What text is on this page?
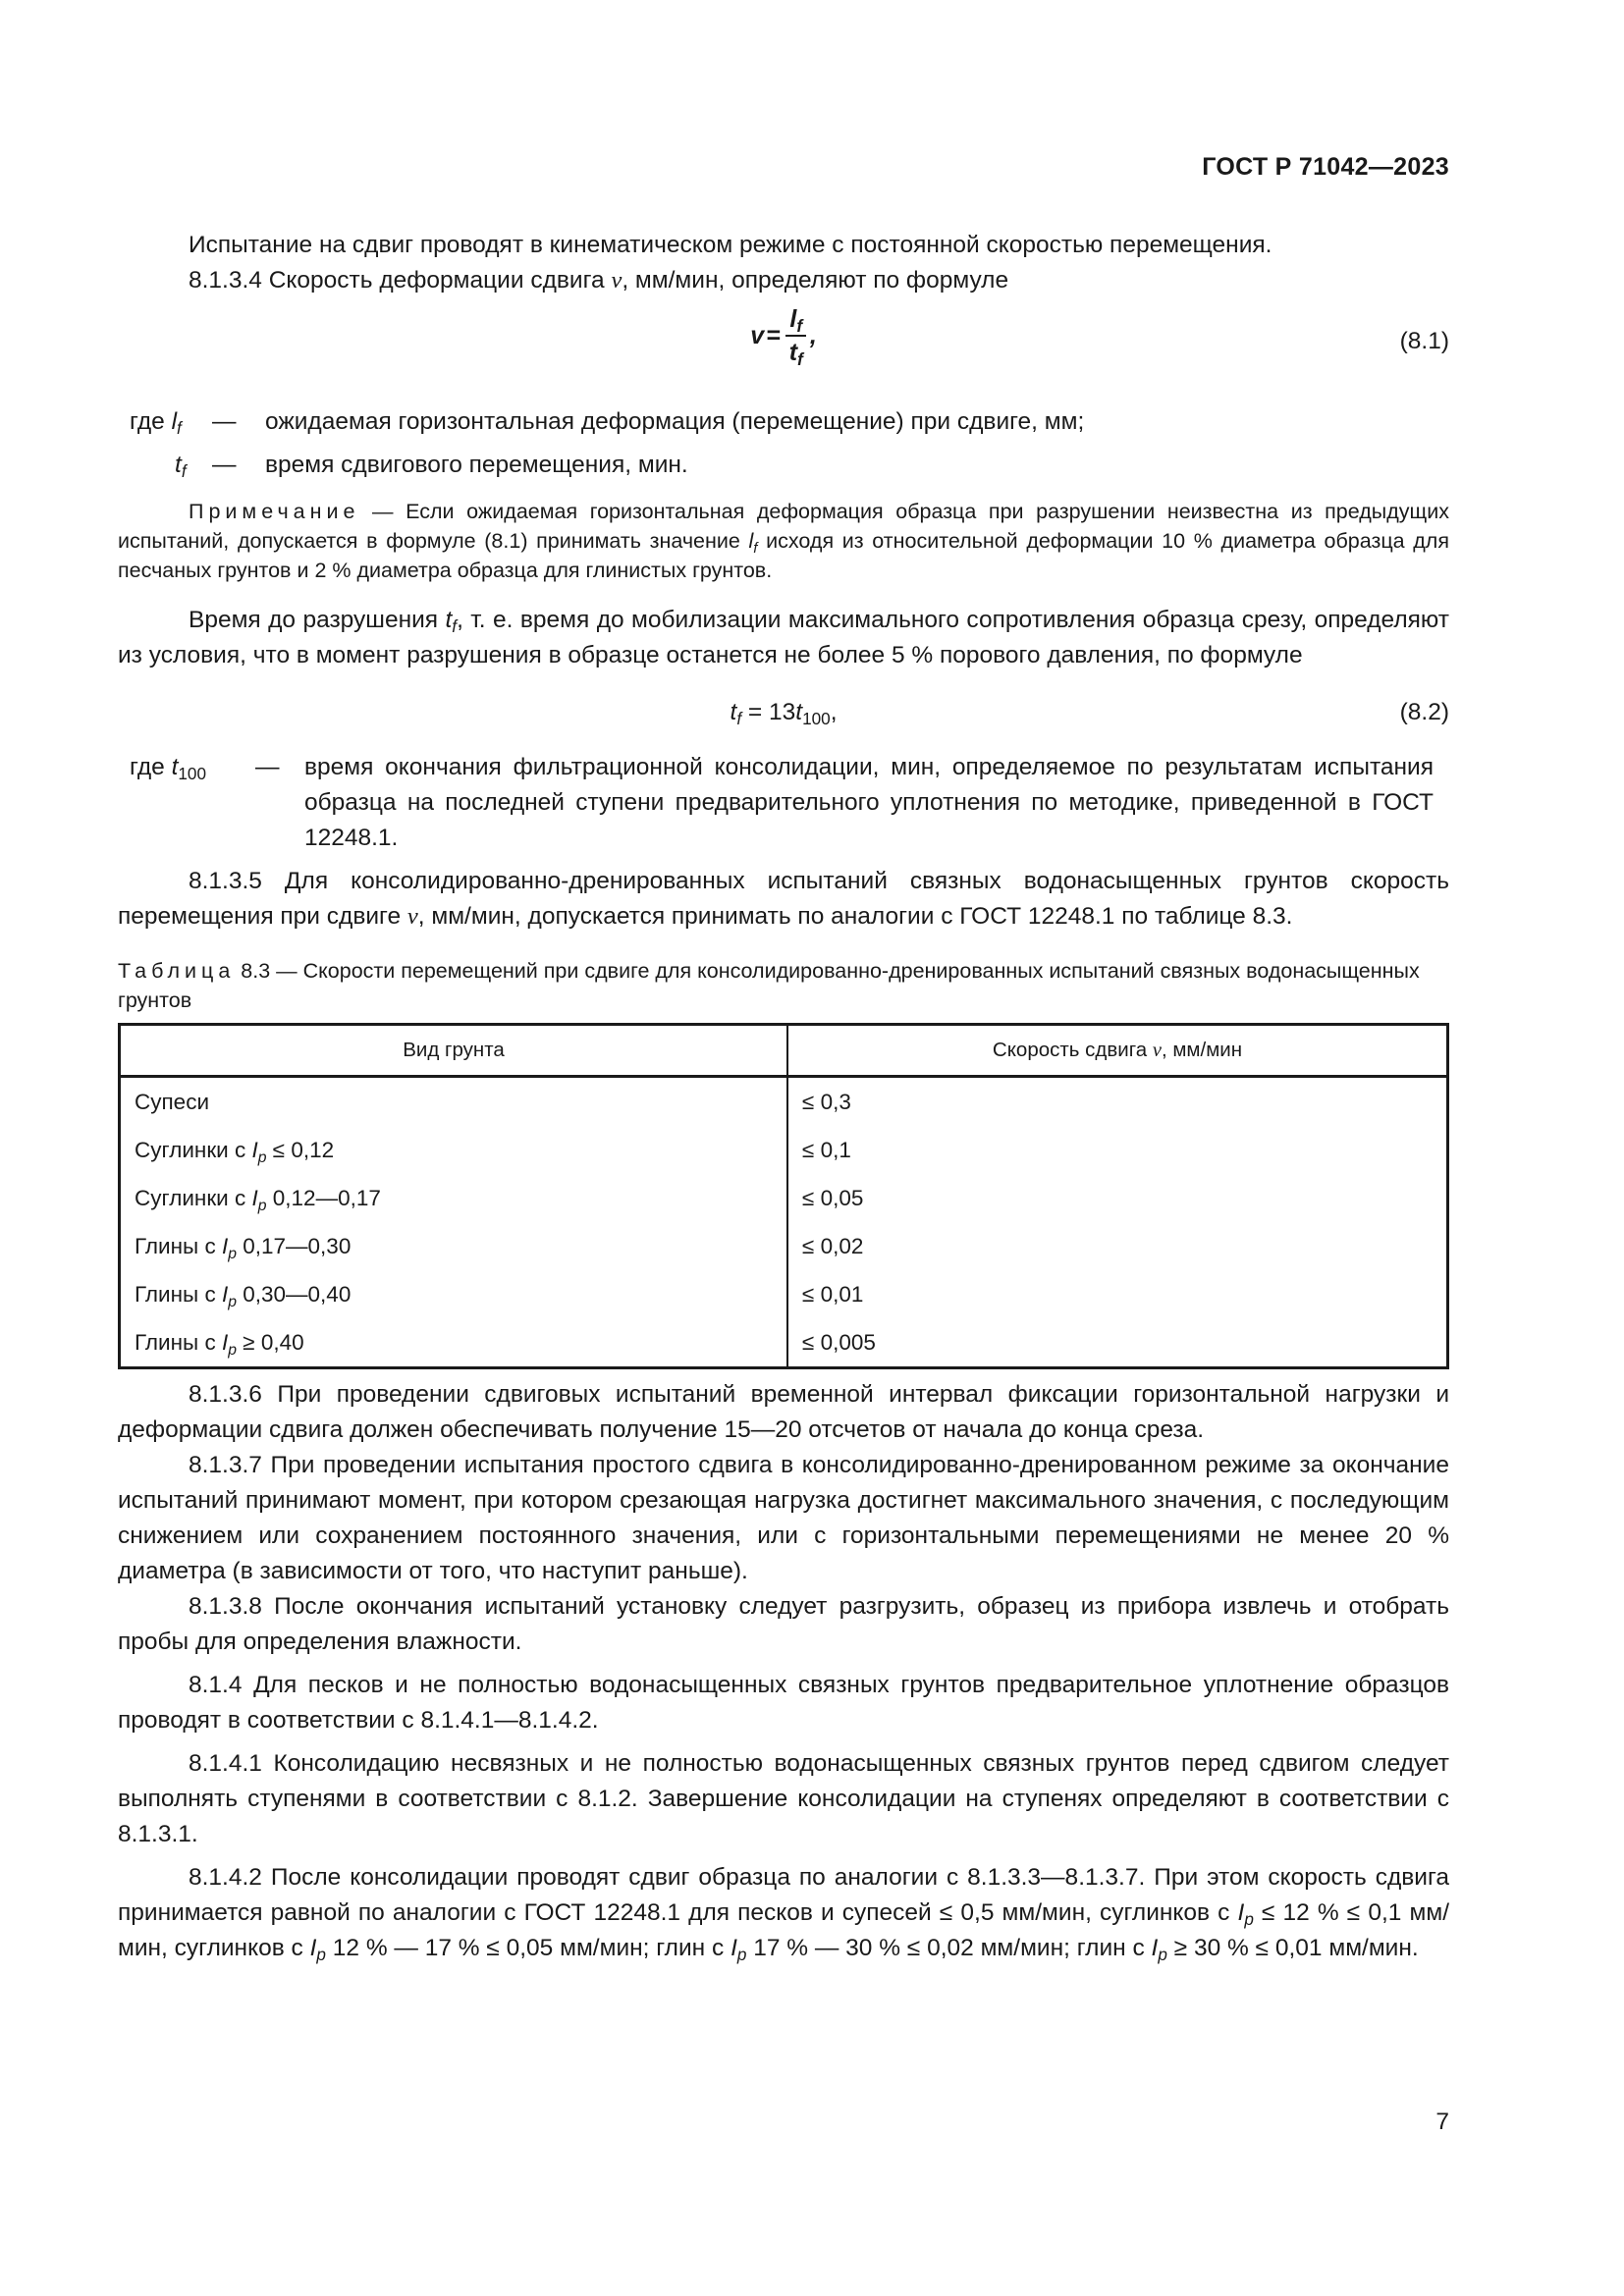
ГОСТ Р 71042—2023

Испытание на сдвиг проводят в кинематическом режиме с постоянной скоростью перемещения.

8.1.3.4 Скорость деформации сдвига v, мм/мин, определяют по формуле

$v = \frac{l_f}{t_f}$ ,	(8.1)
где $l_f$ — ожидаемая горизонтальная деформация (перемещение) при сдвиге, мм;
$t_f$ — время сдвигового перемещения, мин.

Примечание — Если ожидаемая горизонтальная деформация образца при разрушении неизвестна из предыдущих испытаний, допускается в формуле (8.1) принимать значение $l_f$ исходя из относительной деформации 10 % диаметра образца для песчаных грунтов и 2 % диаметра образца для глинистых грунтов.

Время до разрушения $t_f$, т. е. время до мобилизации максимального сопротивления образца срезу, определяют из условия, что в момент разрушения в образце останется не более 5 % порового давления, по формуле

$t_f = 13t_{100}$,	(8.2)
где $t_{100}$ — время окончания фильтрационной консолидации, мин, определяемое по результатам испытания образца на последней ступени предварительного уплотнения по методике, приведенной в ГОСТ 12248.1.

8.1.3.5 Для консолидированно-дренированных испытаний связных водонасыщенных грунтов скорость перемещения при сдвиге v, мм/мин, допускается принимать по аналогии с ГОСТ 12248.1 по таблице 8.3.

Таблица 8.3 — Скорости перемещений при сдвиге для консолидированно-дренированных испытаний связных водонасыщенных грунтов
Вид грунта	Скорость сдвига v, мм/мин
Супеси	≤ 0,3
Суглинки с $I_p \le 0,12$	≤ 0,1
Суглинки с $I_p$ 0,12—0,17	≤ 0,05
Глины с $I_p$ 0,17—0,30	≤ 0,02
Глины с $I_p$ 0,30—0,40	≤ 0,01
Глины с $I_p \ge 0,40$	≤ 0,005

8.1.3.6 При проведении сдвиговых испытаний временной интервал фиксации горизонтальной нагрузки и деформации сдвига должен обеспечивать получение 15—20 отсчетов от начала до конца среза.

8.1.3.7 При проведении испытания простого сдвига в консолидированно-дренированном режиме за окончание испытаний принимают момент, при котором срезающая нагрузка достигнет максимального значения, с последующим снижением или сохранением постоянного значения, или с горизонтальными перемещениями не менее 20 % диаметра (в зависимости от того, что наступит раньше).

8.1.3.8 После окончания испытаний установку следует разгрузить, образец из прибора извлечь и отобрать пробы для определения влажности.

8.1.4 Для песков и не полностью водонасыщенных связных грунтов предварительное уплотнение образцов проводят в соответствии с 8.1.4.1—8.1.4.2.

8.1.4.1 Консолидацию несвязных и не полностью водонасыщенных связных грунтов перед сдвигом следует выполнять ступенями в соответствии с 8.1.2. Завершение консолидации на ступенях определяют в соответствии с 8.1.3.1.

8.1.4.2 После консолидации проводят сдвиг образца по аналогии с 8.1.3.3—8.1.3.7. При этом скорость сдвига принимается равной по аналогии с ГОСТ 12248.1 для песков и супесей ≤ 0,5 мм/мин, суглинков с $I_p \le 12$ % ≤ 0,1 мм/мин, суглинков с $I_p$ 12 % — 17 % ≤ 0,05 мм/мин; глин с $I_p$ 17 % — 30 % ≤ 0,02 мм/мин; глин с $I_p \ge 30$ % ≤ 0,01 мм/мин.

7
